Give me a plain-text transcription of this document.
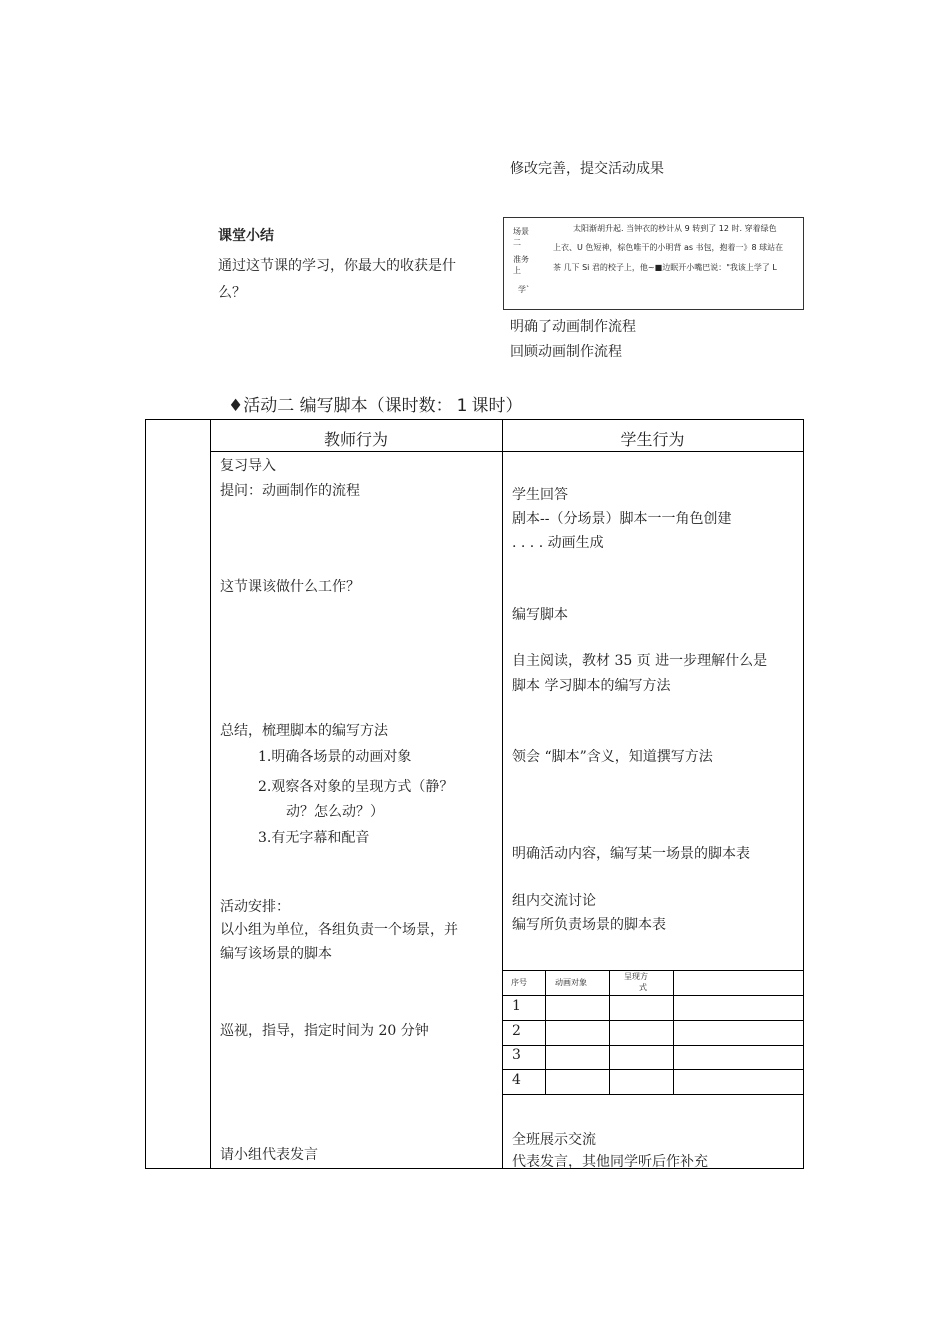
修改完善，提交活动成果
课堂小结
通过这节课的学习，你最大的收获是什
么？
场景
二
准务
上
学`
太阳渐胡升起. 当钟衣的杪计从 9 转到了 12 时. 穿着绿色
上衣、U 色短神，棕色唯干的小明背 as 书包，抱着一》8 球站在
茶 几下 Si 君的校子上，他~■边眠开小嘴巴说："我该上学了 L
明确了动画制作流程
回顾动画制作流程
♦活动二 编写脚本（课时数： 1 课时）
教师行为	学生行为
复习导入
提问：动画制作的流程
这节课该做什么工作？
总结，梳理脚本的编写方法
1.明确各场景的动画对象
2.观察各对象的呈现方式（静？
动？怎么动？）
3.有无字幕和配音
活动安排：
以小组为单位，各组负责一个场景，并
编写该场景的脚本
巡视，指导，指定时间为 20 分钟
请小组代表发言
学生回答
剧本--（分场景）脚本一一角色创建
. . . . 动画生成
编写脚本
自主阅读，教材 35 页 进一步理解什么是
脚本 学习脚本的编写方法
领会 “脚本”含义，知道撰写方法
明确活动内容，编写某一场景的脚本表
组内交流讨论
编写所负责场景的脚本表
序号	动画对象
呈现方
式
1
2
3
4
全班展示交流
代表发言，其他同学听后作补充
